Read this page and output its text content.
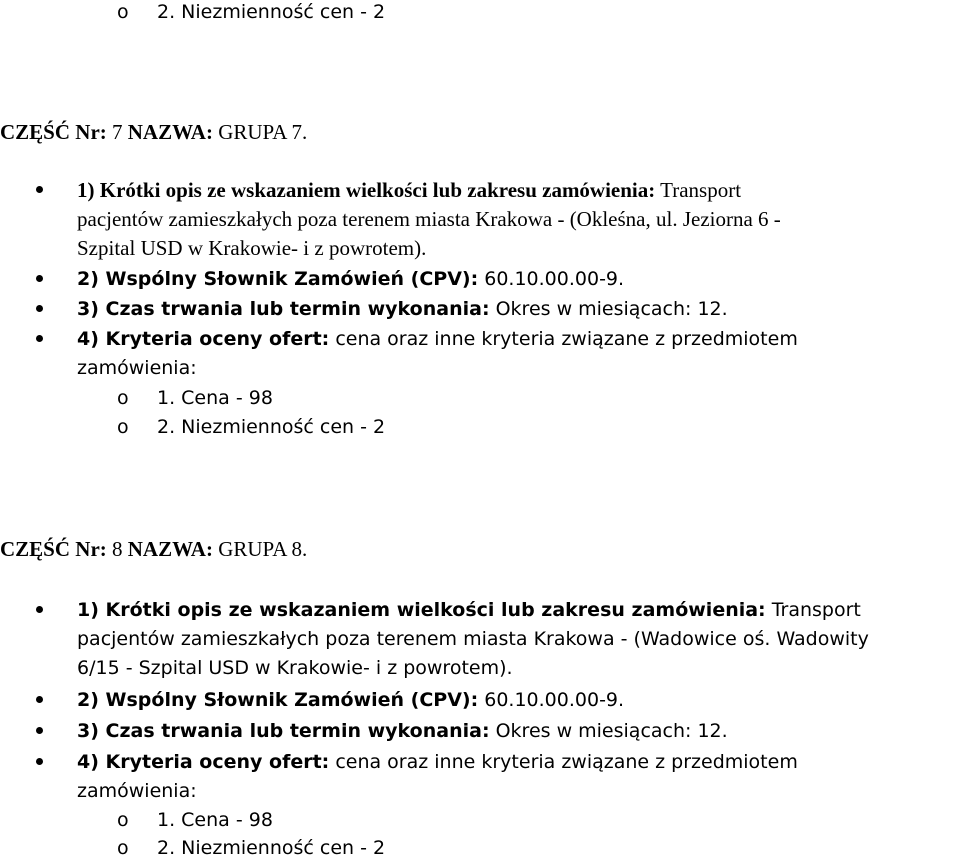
o 2. Niezmienność cen - 2
CZĘŚĆ Nr: 7 NAZWA: GRUPA 7.
1) Krótki opis ze wskazaniem wielkości lub zakresu zamówienia: Transport
pacjentów zamieszkałych poza terenem miasta Krakowa - (Okleśna, ul. Jeziorna 6 -
Szpital USD w Krakowie- i z powrotem).
2) Wspólny Słownik Zamówień (CPV): 60.10.00.00-9.
3) Czas trwania lub termin wykonania: Okres w miesiącach: 12.
4) Kryteria oceny ofert: cena oraz inne kryteria związane z przedmiotem
zamówienia:
o 1. Cena - 98
o 2. Niezmienność cen - 2
CZĘŚĆ Nr: 8 NAZWA: GRUPA 8.
1) Krótki opis ze wskazaniem wielkości lub zakresu zamówienia: Transport
pacjentów zamieszkałych poza terenem miasta Krakowa - (Wadowice oś. Wadowity
6/15 - Szpital USD w Krakowie- i z powrotem).
2) Wspólny Słownik Zamówień (CPV): 60.10.00.00-9.
3) Czas trwania lub termin wykonania: Okres w miesiącach: 12.
4) Kryteria oceny ofert: cena oraz inne kryteria związane z przedmiotem
zamówienia:
o 1. Cena - 98
o 2. Niezmienność cen - 2
